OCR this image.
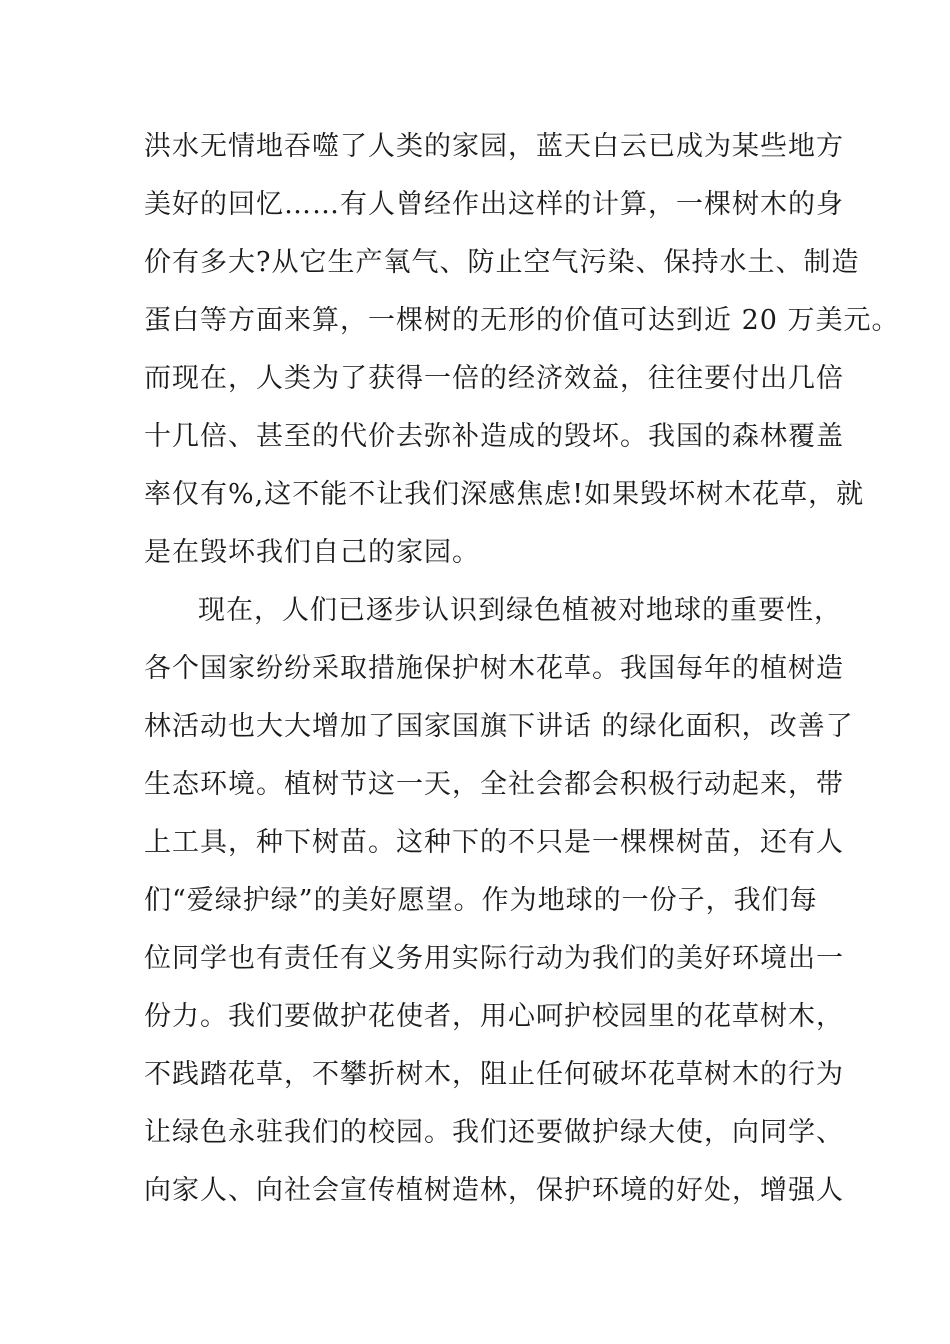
洪水无情地吞噬了人类的家园，蓝天白云已成为某些地方
美好的回忆……有人曾经作出这样的计算，一棵树木的身
价有多大?从它生产氧气、防止空气污染、保持水土、制造
蛋白等方面来算，一棵树的无形的价值可达到近 20 万美元。
而现在，人类为了获得一倍的经济效益，往往要付出几倍
十几倍、甚至的代价去弥补造成的毁坏。我国的森林覆盖
率仅有%,这不能不让我们深感焦虑!如果毁坏树木花草，就
是在毁坏我们自己的家园。
现在，人们已逐步认识到绿色植被对地球的重要性，
各个国家纷纷采取措施保护树木花草。我国每年的植树造
林活动也大大增加了国家国旗下讲话 的绿化面积，改善了
生态环境。植树节这一天，全社会都会积极行动起来，带
上工具，种下树苗。这种下的不只是一棵棵树苗，还有人
们“爱绿护绿”的美好愿望。作为地球的一份子，我们每
位同学也有责任有义务用实际行动为我们的美好环境出一
份力。我们要做护花使者，用心呵护校园里的花草树木，
不践踏花草，不攀折树木，阻止任何破坏花草树木的行为
让绿色永驻我们的校园。我们还要做护绿大使，向同学、
向家人、向社会宣传植树造林，保护环境的好处，增强人
